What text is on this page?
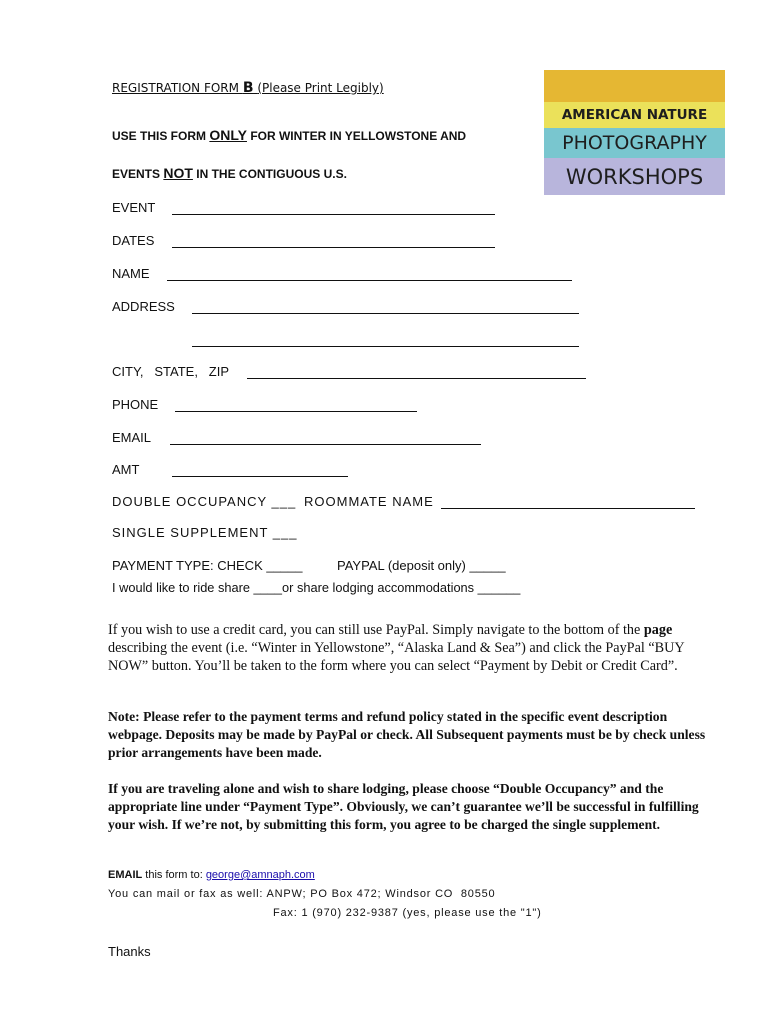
REGISTRATION FORM B (Please Print Legibly)
USE THIS FORM ONLY FOR WINTER IN YELLOWSTONE AND
EVENTS NOT IN THE CONTIGUOUS U.S.
AMERICAN NATURE
PHOTOGRAPHY
WORKSHOPS
EVENT
DATES
NAME
ADDRESS
CITY,   STATE,   ZIP
PHONE
EMAIL
AMT
DOUBLE OCCUPANCY ___ ROOMMATE NAME
SINGLE SUPPLEMENT ___
PAYMENT TYPE: CHECK _____	PAYPAL (deposit only) _____
I would like to ride share ____or share lodging accommodations ______
If you wish to use a credit card, you can still use PayPal. Simply navigate to the bottom of the page describing the event (i.e. “Winter in Yellowstone”, “Alaska Land & Sea”) and click the PayPal “BUY NOW” button. You’ll be taken to the form where you can select “Payment by Debit or Credit Card”.
Note: Please refer to the payment terms and refund policy stated in the specific event description webpage. Deposits may be made by PayPal or check. All Subsequent payments must be by check unless prior arrangements have been made.
If you are traveling alone and wish to share lodging, please choose “Double Occupancy” and the appropriate line under “Payment Type”. Obviously, we can’t guarantee we’ll be successful in fulfilling your wish. If we’re not, by submitting this form, you agree to be charged the single supplement.
EMAIL this form to: george@amnaph.com
You can mail or fax as well: ANPW; PO Box 472; Windsor CO  80550
Fax: 1 (970) 232-9387 (yes, please use the "1")
Thanks
